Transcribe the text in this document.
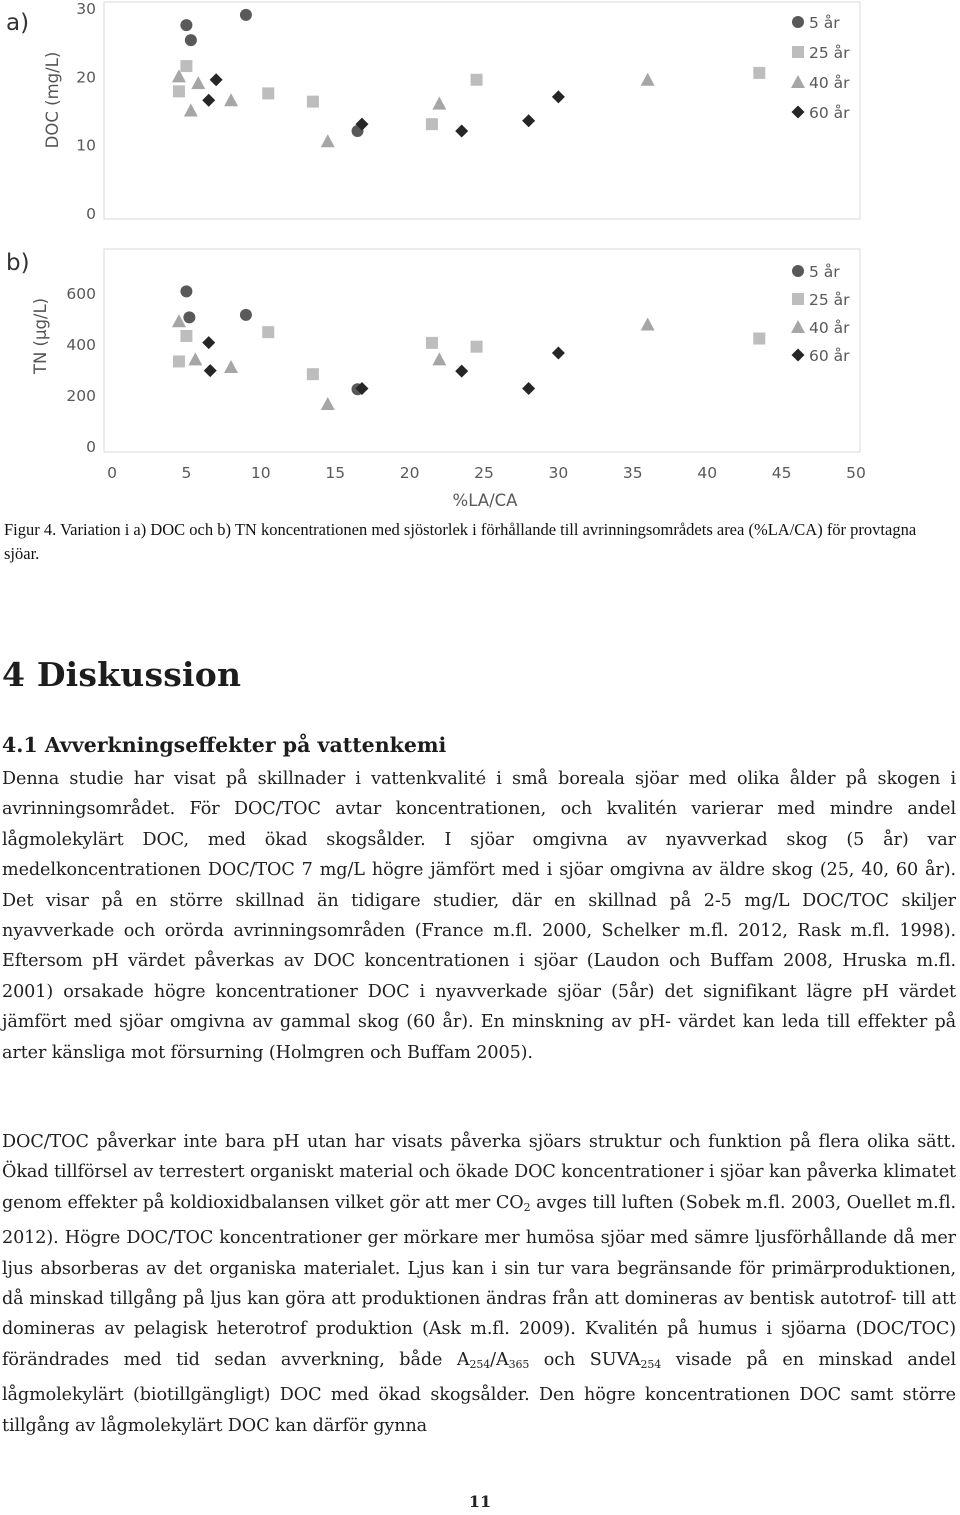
a)
DOC (mg/L)
30
20
10
0
5 år
25 år
40 år
60 år
b)
TN (µg/L)
600
400
200
0
5 år
25 år
40 år
60 år
0	5	10	15	20	25	30	35	40	45	50
%LA/CA
Figur 4. Variation i a) DOC och b) TN koncentrationen med sjöstorlek i förhållande till avrinningsområdets area (%LA/CA) för provtagna sjöar.
4 Diskussion
4.1 Avverkningseffekter på vattenkemi
Denna studie har visat på skillnader i vattenkvalité i små boreala sjöar med olika ålder på skogen i avrinningsområdet. För DOC/TOC avtar koncentrationen, och kvalitén varierar med mindre andel lågmolekylärt DOC, med ökad skogsålder. I sjöar omgivna av nyavverkad skog (5 år) var medelkoncentrationen DOC/TOC 7 mg/L högre jämfört med i sjöar omgivna av äldre skog (25, 40, 60 år). Det visar på en större skillnad än tidigare studier, där en skillnad på 2-5 mg/L DOC/TOC skiljer nyavverkade och orörda avrinningsområden (France m.fl. 2000, Schelker m.fl. 2012, Rask m.fl. 1998). Eftersom pH värdet påverkas av DOC koncentrationen i sjöar (Laudon och Buffam 2008, Hruska m.fl. 2001) orsakade högre koncentrationer DOC i nyavverkade sjöar (5år) det signifikant lägre pH värdet jämfört med sjöar omgivna av gammal skog (60 år). En minskning av pH- värdet kan leda till effekter på arter känsliga mot försurning (Holmgren och Buffam 2005).
DOC/TOC påverkar inte bara pH utan har visats påverka sjöars struktur och funktion på flera olika sätt. Ökad tillförsel av terrestert organiskt material och ökade DOC koncentrationer i sjöar kan påverka klimatet genom effekter på koldioxidbalansen vilket gör att mer $CO_2$ avges till luften (Sobek m.fl. 2003, Ouellet m.fl. 2012). Högre DOC/TOC koncentrationer ger mörkare mer humösa sjöar med sämre ljusförhållande då mer ljus absorberas av det organiska materialet. Ljus kan i sin tur vara begränsande för primärproduktionen, då minskad tillgång på ljus kan göra att produktionen ändras från att domineras av bentisk autotrof- till att domineras av pelagisk heterotrof produktion (Ask m.fl. 2009). Kvalitén på humus i sjöarna (DOC/TOC) förändrades med tid sedan avverkning, både $A_{254}/A_{365}$ och $SUVA_{254}$ visade på en minskad andel lågmolekylärt (biotillgängligt) DOC med ökad skogsålder. Den högre koncentrationen DOC samt större tillgång av lågmolekylärt DOC kan därför gynna
11
